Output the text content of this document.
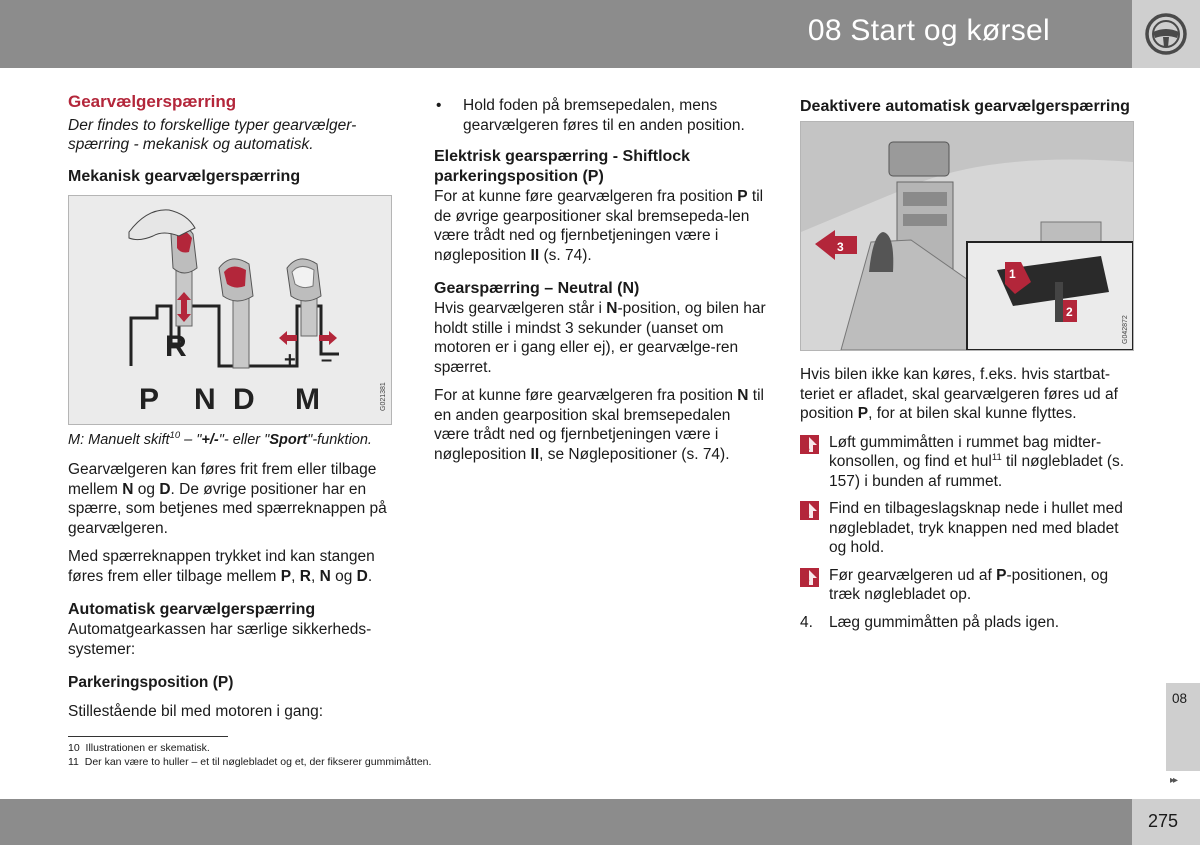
08 Start og kørsel
Gearvælgerspærring

Der findes to forskellige typer gearvælger-spærring - mekanisk og automatisk.

Mekanisk gearvælgerspærring
R	+ –
P N D M	G021381

M: Manuelt skift$^{10}$ – "+/-"- eller "Sport"-funktion.

Gearvælgeren kan føres frit frem eller tilbage mellem N og D. De øvrige positioner har en spærre, som betjenes med spærreknappen på gearvælgeren.

Med spærreknappen trykket ind kan stangen føres frem eller tilbage mellem P, R, N og D.

Automatisk gearvælgerspærring

Automatgearkassen har særlige sikkerheds-systemer:

Parkeringsposition (P)

Stillestående bil med motoren i gang:

• Hold foden på bremsepedalen, mens gearvælgeren føres til en anden position.
Elektrisk gearspærring - Shiftlock parkeringsposition (P)

For at kunne føre gearvælgeren fra position P til de øvrige gearpositioner skal bremsepeda-len være trådt ned og fjernbetjeningen være i nøgleposition II (s. 74).

Gearspærring – Neutral (N)

Hvis gearvælgeren står i N-position, og bilen har holdt stille i mindst 3 sekunder (uanset om motoren er i gang eller ej), er gearvælge-ren spærret.

For at kunne føre gearvælgeren fra position N til en anden gearposition skal bremsepedalen være trådt ned og fjernbetjeningen være i nøgleposition II, se Nøglepositioner (s. 74).

Deaktivere automatisk gearvælgerspærring
3
1
2
G042872

Hvis bilen ikke kan køres, f.eks. hvis startbat-teriet er afladet, skal gearvælgeren føres ud af position P, for at bilen skal kunne flyttes.

1 Løft gummimåtten i rummet bag midter-konsollen, og find et hul$^{11}$ til nøglebladet (s. 157) i bunden af rummet.
2 Find en tilbageslagsknap nede i hullet med nøglebladet, tryk knappen ned med bladet og hold.
3 Før gearvælgeren ud af P-positionen, og træk nøglebladet op.
4. Læg gummimåtten på plads igen.
10 Illustrationen er skematisk.
11 Der kan være to huller – et til nøglebladet og et, der fikserer gummimåtten.
08
▸▸
275
